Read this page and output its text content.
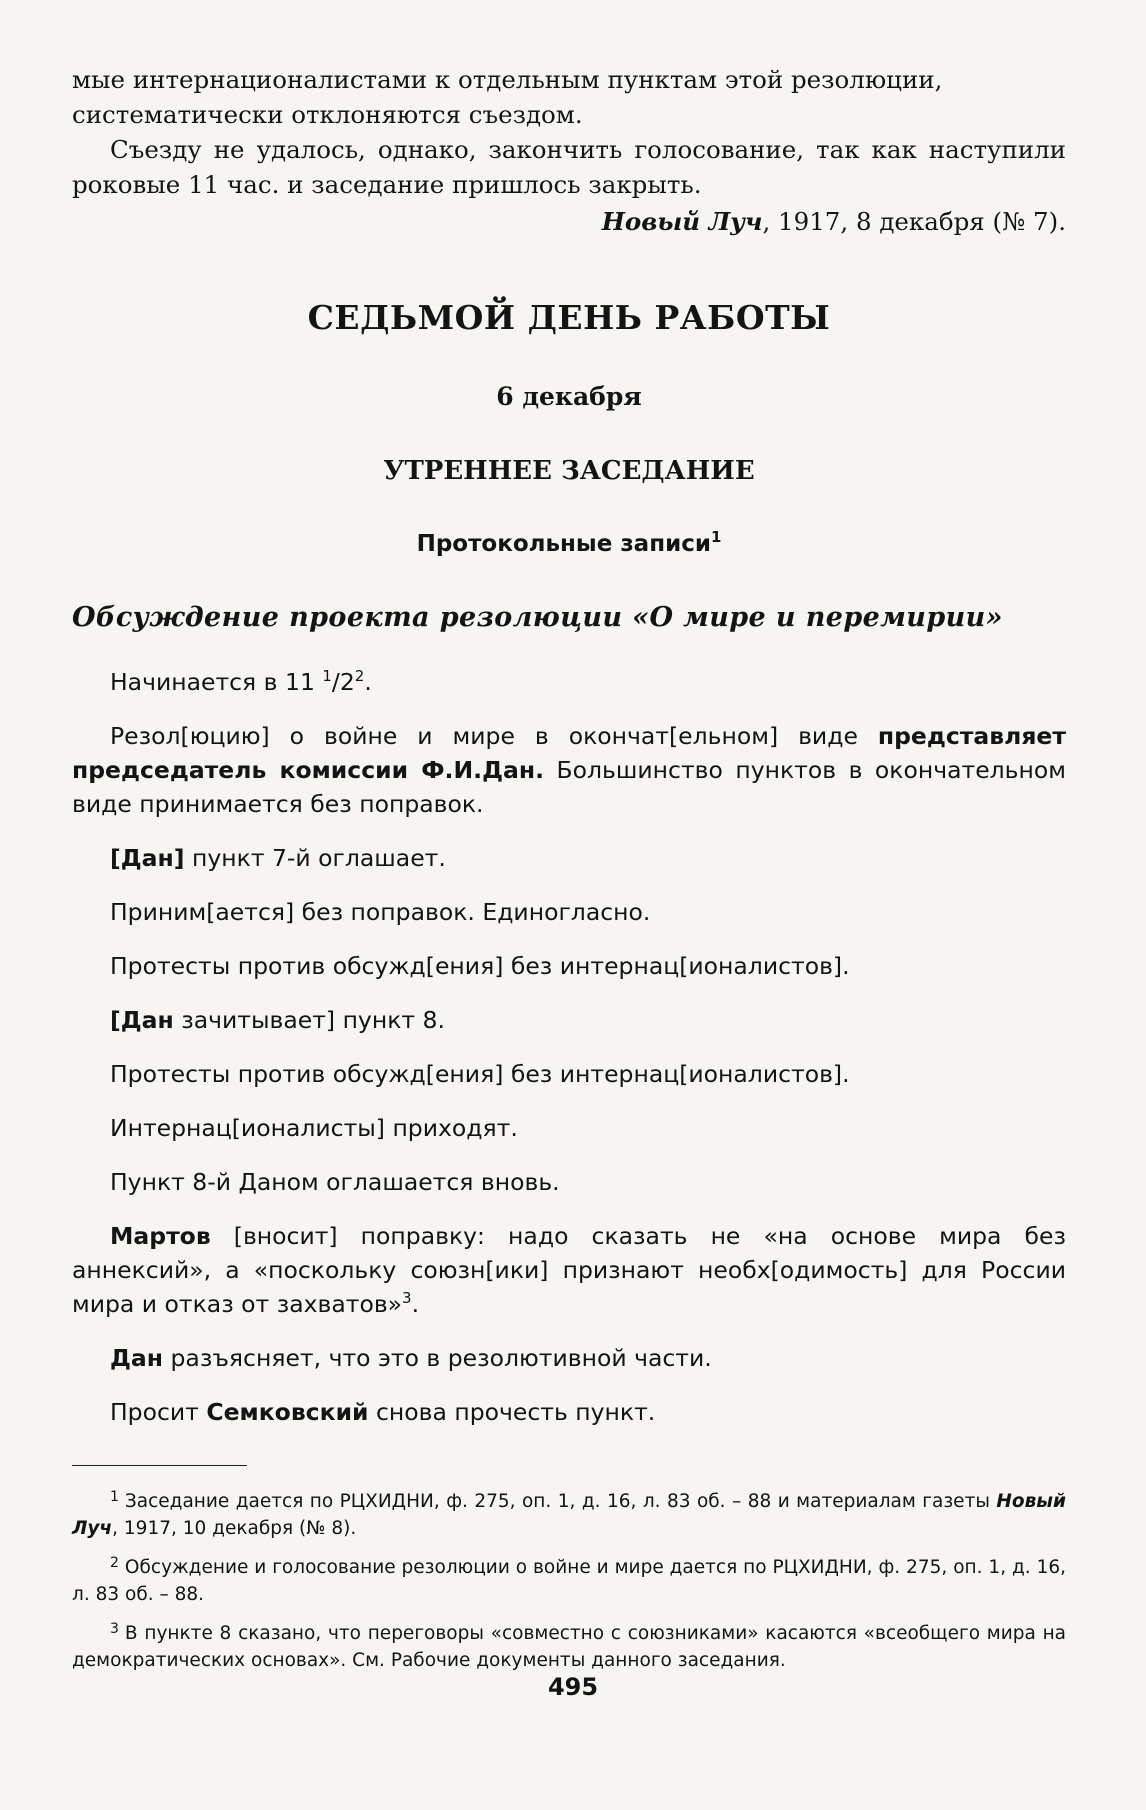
мые интернационалистами к отдельным пунктам этой резолюции,

систематически отклоняются съездом.

Съезду не удалось, однако, закончить голосование, так как наступили роковые 11 час. и заседание пришлось закрыть.

Новый Луч, 1917, 8 декабря (№ 7).

СЕДЬМОЙ ДЕНЬ РАБОТЫ

6 декабря

УТРЕННЕЕ ЗАСЕДАНИЕ

Протокольные записи$^1$

Обсуждение проекта резолюции «О мире и перемирии»

Начинается в 11 $^1/2^2$.

Резол[юцию] о войне и мире в окончат[ельном] виде представляет председатель комиссии Ф.И.Дан. Большинство пунктов в окончательном виде принимается без поправок.

[Дан] пункт 7-й оглашает.

Приним[ается] без поправок. Единогласно.

Протесты против обсужд[ения] без интернац[ионалистов].

[Дан зачитывает] пункт 8.

Протесты против обсужд[ения] без интернац[ионалистов].

Интернац[ионалисты] приходят.

Пункт 8-й Даном оглашается вновь.

Мартов [вносит] поправку: надо сказать не «на основе мира без аннексий», а «поскольку союзн[ики] признают необх[одимость] для России мира и отказ от захватов»$^3$.

Дан разъясняет, что это в резолютивной части.

Просит Семковский снова прочесть пункт.

$^1$ Заседание дается по РЦХИДНИ, ф. 275, оп. 1, д. 16, л. 83 об. – 88 и материалам газеты Новый Луч, 1917, 10 декабря (№ 8).

$^2$ Обсуждение и голосование резолюции о войне и мире дается по РЦХИДНИ, ф. 275, оп. 1, д. 16, л. 83 об. – 88.

$^3$ В пункте 8 сказано, что переговоры «совместно с союзниками» касаются «всеобщего мира на демократических основах». См. Рабочие документы данного заседания.

495
